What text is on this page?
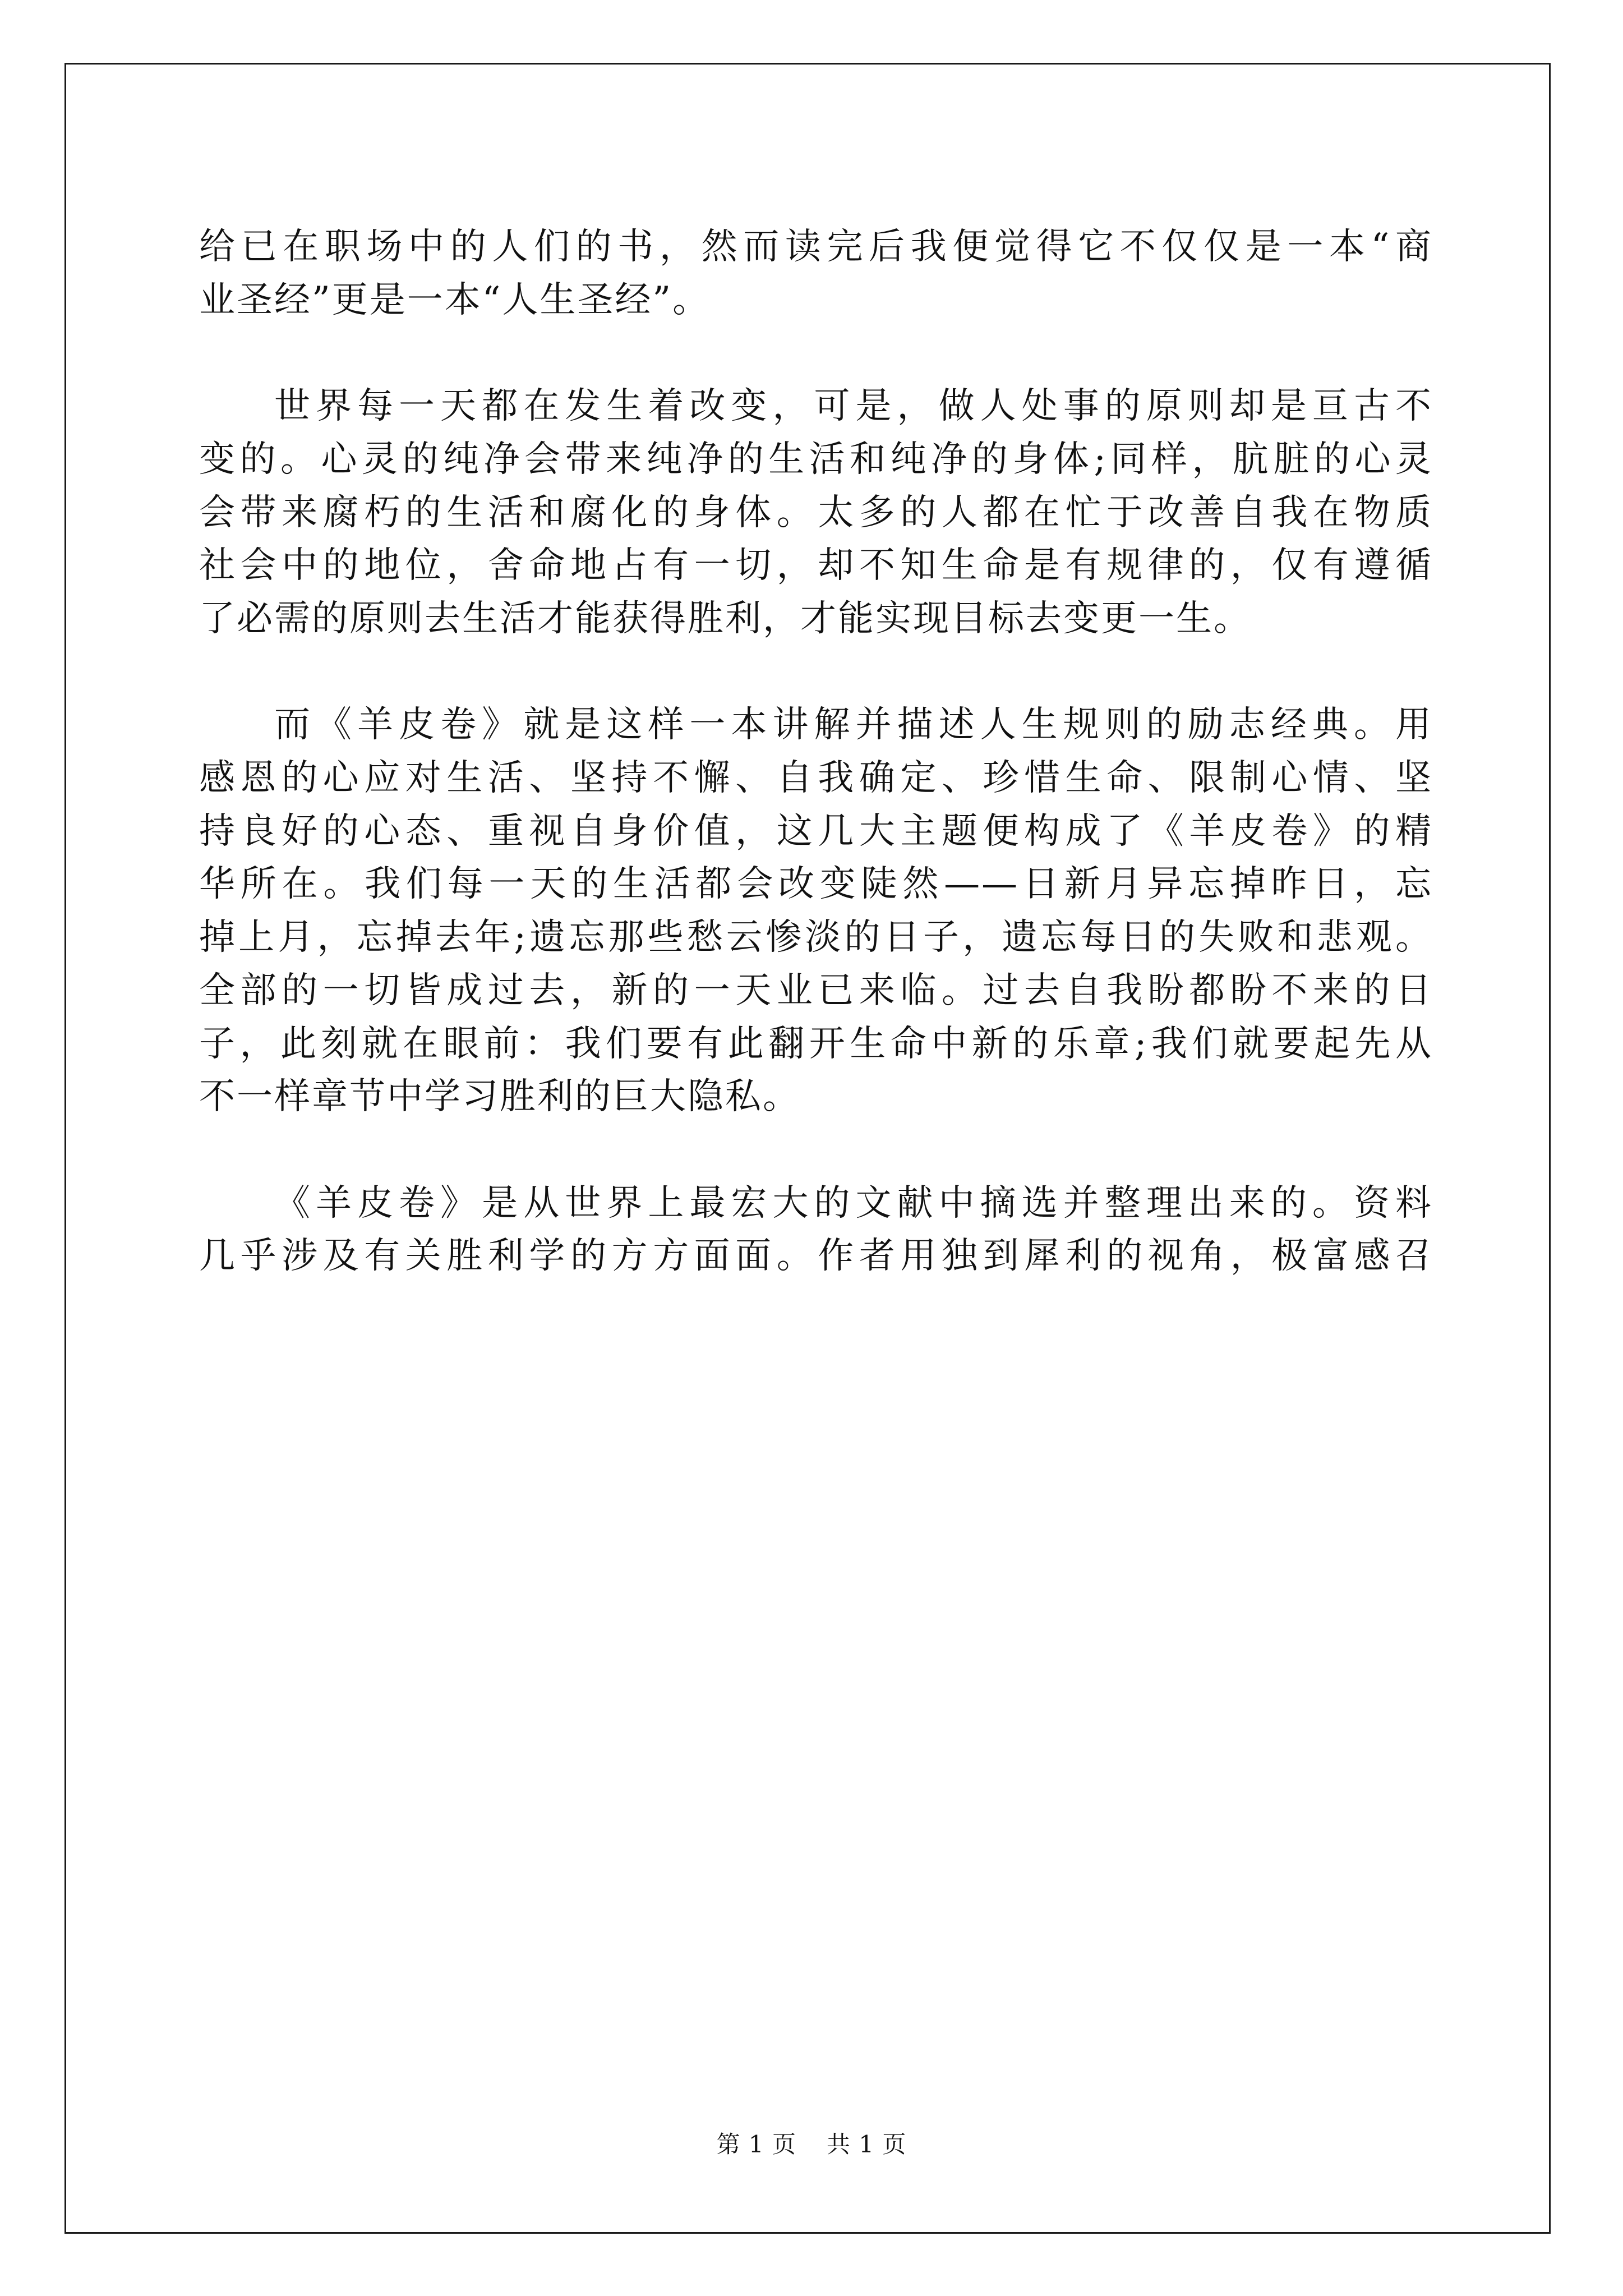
给已在职场中的人们的书，然而读完后我便觉得它不仅仅是一本“商
业圣经”更是一本“人生圣经”。

世界每一天都在发生着改变，可是，做人处事的原则却是亘古不
变的。心灵的纯净会带来纯净的生活和纯净的身体;同样，肮脏的心灵
会带来腐朽的生活和腐化的身体。太多的人都在忙于改善自我在物质
社会中的地位，舍命地占有一切，却不知生命是有规律的，仅有遵循
了必需的原则去生活才能获得胜利，才能实现目标去变更一生。

而《羊皮卷》就是这样一本讲解并描述人生规则的励志经典。用
感恩的心应对生活、坚持不懈、自我确定、珍惜生命、限制心情、坚
持良好的心态、重视自身价值，这几大主题便构成了《羊皮卷》的精
华所在。我们每一天的生活都会改变陡然——日新月异忘掉昨日，忘
掉上月，忘掉去年;遗忘那些愁云惨淡的日子，遗忘每日的失败和悲观。
全部的一切皆成过去，新的一天业已来临。过去自我盼都盼不来的日
子，此刻就在眼前：我们要有此翻开生命中新的乐章;我们就要起先从
不一样章节中学习胜利的巨大隐私。

《羊皮卷》是从世界上最宏大的文献中摘选并整理出来的。资料
几乎涉及有关胜利学的方方面面。作者用独到犀利的视角，极富感召

第 1 页 共 1 页
